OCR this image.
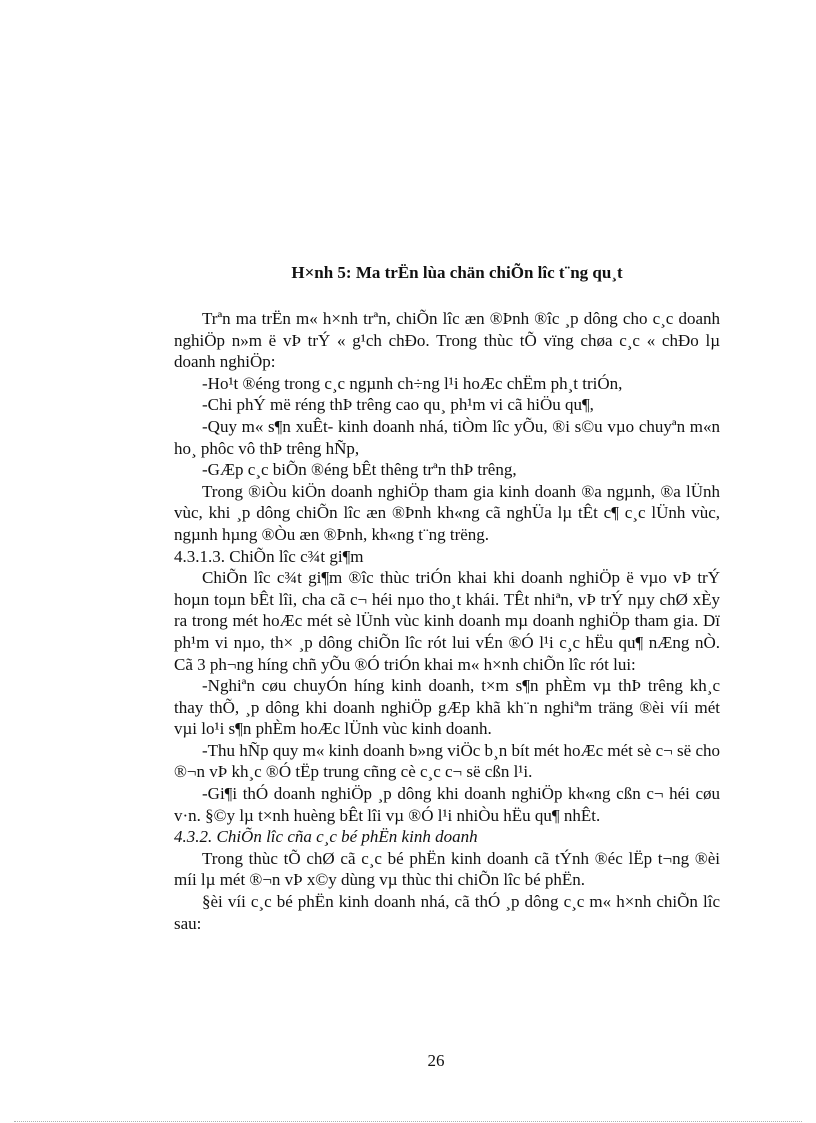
H×nh 5: Ma trËn lùa chän chiÕn lîc t¨ng qu¸t

Trªn ma trËn m« h×nh trªn, chiÕn lîc æn ®Þnh ®îc ¸p dông cho c¸c doanh nghiÖp n»m ë vÞ trÝ « g¹ch chÐo. Trong thùc tÕ vïng chøa c¸c « chÐo lµ doanh nghiÖp:

-Ho¹t ®éng trong c¸c ngµnh ch÷ng l¹i hoÆc chËm ph¸t triÓn,

-Chi phÝ më réng thÞ trêng cao qu¸ ph¹m vi cã hiÖu qu¶,

-Quy m« s¶n xuÊt- kinh doanh nhá, tiÒm lîc yÕu, ®i s©u vµo chuyªn m«n ho¸ phôc vô thÞ trêng hÑp,

-GÆp c¸c biÕn ®éng bÊt thêng trªn thÞ trêng,

Trong ®iÒu kiÖn doanh nghiÖp tham gia kinh doanh ®a ngµnh, ®a lÜnh vùc, khi ¸p dông chiÕn lîc æn ®Þnh kh«ng cã nghÜa lµ tÊt c¶ c¸c lÜnh vùc, ngµnh hµng ®Òu æn ®Þnh, kh«ng t¨ng trëng.

4.3.1.3. ChiÕn lîc c¾t gi¶m

ChiÕn lîc c¾t gi¶m ®îc thùc triÓn khai khi doanh nghiÖp ë vµo vÞ trÝ hoµn toµn bÊt lîi, cha cã c¬ héi nµo tho¸t khái. TÊt nhiªn, vÞ trÝ nµy chØ xÈy ra trong mét hoÆc mét sè lÜnh vùc kinh doanh mµ doanh nghiÖp tham gia. Dï ph¹m vi nµo, th× ¸p dông chiÕn lîc rót lui vÉn ®Ó l¹i c¸c hËu qu¶ nÆng nÒ. Cã 3 ph¬ng híng chñ yÕu ®Ó triÓn khai m« h×nh chiÕn lîc rót lui:

-Nghiªn cøu chuyÓn híng kinh doanh, t×m s¶n phÈm vµ thÞ trêng kh¸c thay thÕ, ¸p dông khi doanh nghiÖp gÆp khã kh¨n nghiªm träng ®èi víi mét vµi lo¹i s¶n phÈm hoÆc lÜnh vùc kinh doanh.

-Thu hÑp quy m« kinh doanh b»ng viÖc b¸n bít mét hoÆc mét sè c¬ së cho ®¬n vÞ kh¸c ®Ó tËp trung cñng cè c¸c c¬ së cßn l¹i.

-Gi¶i thÓ doanh nghiÖp ¸p dông khi doanh nghiÖp kh«ng cßn c¬ héi cøu v·n. §©y lµ t×nh huèng bÊt lîi vµ ®Ó l¹i nhiÒu hËu qu¶ nhÊt.

4.3.2. ChiÕn lîc cña c¸c bé phËn kinh doanh

Trong thùc tÕ chØ cã c¸c bé phËn kinh doanh cã tÝnh ®éc lËp t¬ng ®èi míi lµ mét ®¬n vÞ x©y dùng vµ thùc thi chiÕn lîc bé phËn.

§èi víi c¸c bé phËn kinh doanh nhá, cã thÓ ¸p dông c¸c m« h×nh chiÕn lîc sau:

26
